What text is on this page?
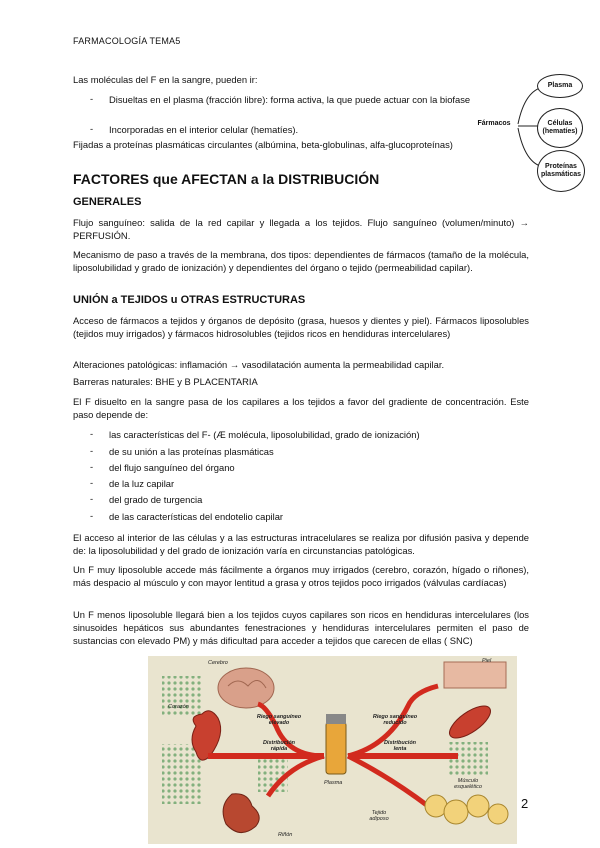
FARMACOLOGÍA TEMA5
Las moléculas del F en la sangre, pueden ir:
- Disueltas en el plasma (fracción libre): forma activa, la que puede actuar con la biofase
- Incorporadas en el interior celular (hematíes).
Fijadas a proteínas plasmáticas circulantes (albúmina, beta-globulinas, alfa-glucoproteínas)
Fármacos
Plasma
Células (hematíes)
Proteínas plasmáticas
FACTORES que AFECTAN a la DISTRIBUCIÓN
GENERALES
Flujo sanguíneo: salida de la red capilar y llegada a los tejidos. Flujo sanguíneo (volumen/minuto) → PERFUSIÓN.
Mecanismo de paso a través de la membrana, dos tipos: dependientes de fármacos (tamaño de la molécula, liposolubilidad y grado de ionización) y dependientes del órgano o tejido (permeabilidad capilar).
UNIÓN a TEJIDOS u OTRAS ESTRUCTURAS
Acceso de fármacos a tejidos y órganos de depósito (grasa, huesos y dientes y piel). Fármacos liposolubles (tejidos muy irrigados) y fármacos hidrosolubles (tejidos ricos en hendiduras intercelulares)
Alteraciones patológicas: inflamación → vasodilatación aumenta la permeabilidad capilar.
Barreras naturales: BHE y B PLACENTARIA
El F disuelto en la sangre pasa de los capilares a los tejidos a favor del gradiente de concentración. Este paso depende de:
- las características del F- (Æ molécula, liposolubilidad, grado de ionización)
- de su unión a las proteínas plasmáticas
- del flujo sanguíneo del órgano
- de la luz capilar
- del grado de turgencia
- de las características del endotelio capilar
El acceso al interior de las células y a las estructuras intracelulares se realiza por difusión pasiva y depende de: la liposolubilidad y del grado de ionización varía en circunstancias patológicas.
Un F muy liposoluble accede más fácilmente a órganos muy irrigados (cerebro, corazón, hígado o riñones), más despacio al músculo y con mayor lentitud a grasa y otros tejidos poco irrigados (válvulas cardíacas)
Un F menos liposoluble llegará bien a los tejidos cuyos capilares son ricos en hendiduras intercelulares (los sinusoides hepáticos sus abundantes fenestraciones y hendiduras intercelulares permiten el paso de sustancias con elevado PM) y más dificultad para acceder a tejidos que carecen de ellas ( SNC)
Cerebro
Corazón
Riñón
Riego sanguíneo elevado
Distribución rápida
Riego sanguíneo reducido
Distribución lenta
Piel
Músculo esquelético
Tejido adiposo
Plasma
2
